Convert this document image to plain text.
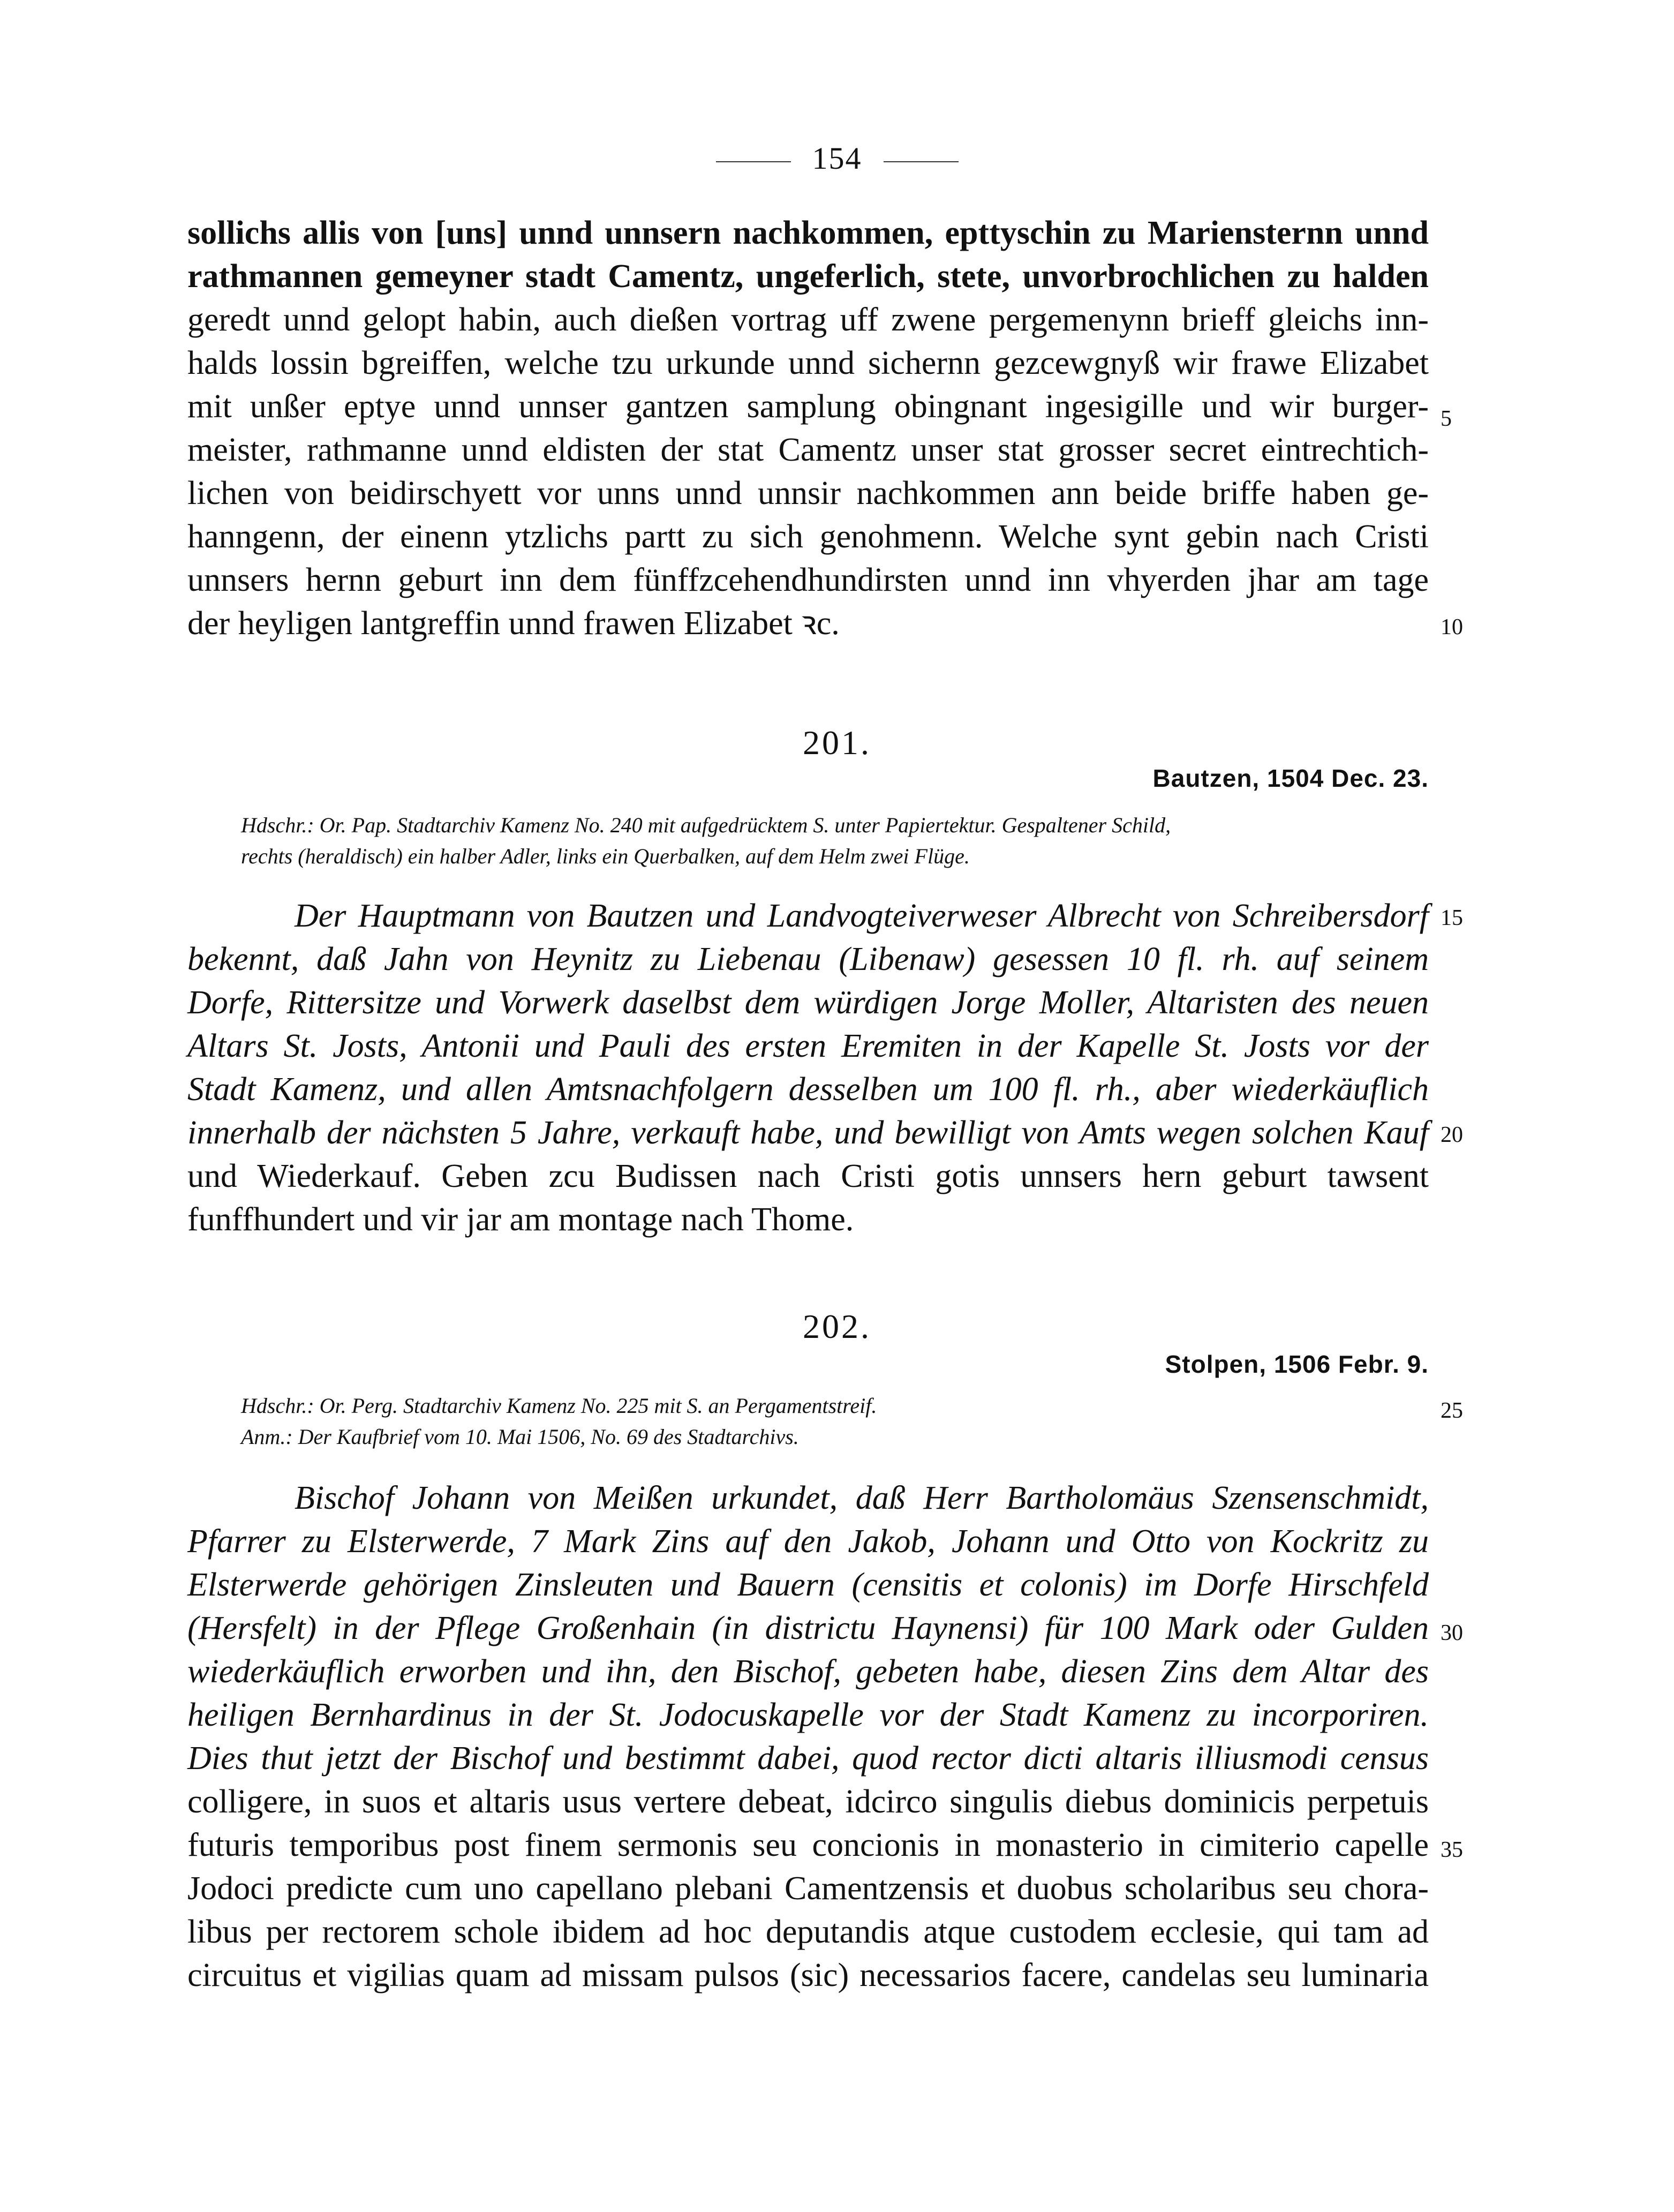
154
sollichs allis von [uns] unnd unnsern nachkommen, epttyschin zu Mariensternn unnd
rathmannen gemeyner stadt Camentz, ungeferlich, stete, unvorbrochlichen zu halden
geredt unnd gelopt habin, auch dießen vortrag uff zwene pergemenynn brieff gleichs inn-
halds lossin bgreiffen, welche tzu urkunde unnd sichernn gezcewgnyß wir frawe Elizabet
mit unßer eptye unnd unnser gantzen samplung obingnant ingesigille und wir burger-
meister, rathmanne unnd eldisten der stat Camentz unser stat grosser secret eintrechtich-
lichen von beidirschyett vor unns unnd unnsir nachkommen ann beide briffe haben ge-
hanngenn, der einenn ytzlichs partt zu sich genohmenn. Welche synt gebin nach Cristi
unnsers hernn geburt inn dem fünffzcehendhundirsten unnd inn vhyerden jhar am tage
der heyligen lantgreffin unnd frawen Elizabet ꝛc.
5
10
201.
Bautzen, 1504 Dec. 23.
Hdschr.: Or. Pap. Stadtarchiv Kamenz No. 240 mit aufgedrücktem S. unter Papiertektur. Gespaltener Schild,
rechts (heraldisch) ein halber Adler, links ein Querbalken, auf dem Helm zwei Flüge.
Der Hauptmann von Bautzen und Landvogteiverweser Albrecht von Schreibersdorf
bekennt, daß Jahn von Heynitz zu Liebenau (Libenaw) gesessen 10 fl. rh. auf seinem
Dorfe, Rittersitze und Vorwerk daselbst dem würdigen Jorge Moller, Altaristen des neuen
Altars St. Josts, Antonii und Pauli des ersten Eremiten in der Kapelle St. Josts vor der
Stadt Kamenz, und allen Amtsnachfolgern desselben um 100 fl. rh., aber wiederkäuflich
innerhalb der nächsten 5 Jahre, verkauft habe, und bewilligt von Amts wegen solchen Kauf
und Wiederkauf. Geben zcu Budissen nach Cristi gotis unnsers hern geburt tawsent
funffhundert und vir jar am montage nach Thome.
15
20
202.
Stolpen, 1506 Febr. 9.
Hdschr.: Or. Perg. Stadtarchiv Kamenz No. 225 mit S. an Pergamentstreif.
Anm.: Der Kaufbrief vom 10. Mai 1506, No. 69 des Stadtarchivs.
25
Bischof Johann von Meißen urkundet, daß Herr Bartholomäus Szensenschmidt,
Pfarrer zu Elsterwerde, 7 Mark Zins auf den Jakob, Johann und Otto von Kockritz zu
Elsterwerde gehörigen Zinsleuten und Bauern (censitis et colonis) im Dorfe Hirschfeld
(Hersfelt) in der Pflege Großenhain (in districtu Haynensi) für 100 Mark oder Gulden
wiederkäuflich erworben und ihn, den Bischof, gebeten habe, diesen Zins dem Altar des
heiligen Bernhardinus in der St. Jodocuskapelle vor der Stadt Kamenz zu incorporiren.
Dies thut jetzt der Bischof und bestimmt dabei, quod rector dicti altaris illiusmodi census
colligere, in suos et altaris usus vertere debeat, idcirco singulis diebus dominicis perpetuis
futuris temporibus post finem sermonis seu concionis in monasterio in cimiterio capelle
Jodoci predicte cum uno capellano plebani Camentzensis et duobus scholaribus seu chora-
libus per rectorem schole ibidem ad hoc deputandis atque custodem ecclesie, qui tam ad
circuitus et vigilias quam ad missam pulsos (sic) necessarios facere, candelas seu luminaria
30
35
